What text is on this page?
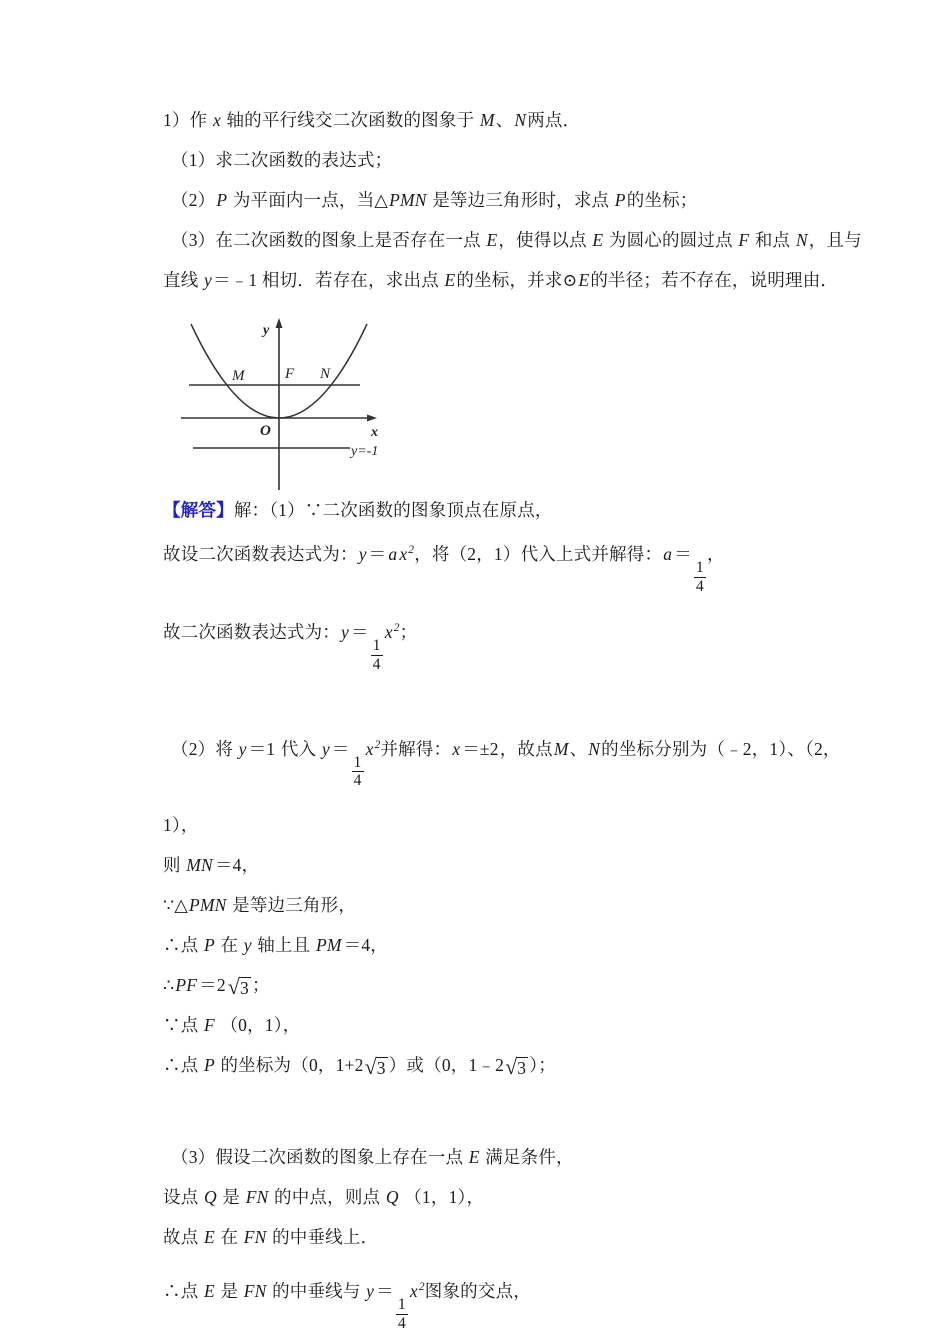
1）作 x 轴的平行线交二次函数的图象于 M、N两点．
（1）求二次函数的表达式；
（2）P 为平面内一点，当△PMN 是等边三角形时，求点 P的坐标；
（3）在二次函数的图象上是否存在一点 E，使得以点 E 为圆心的圆过点 F 和点 N，且与
直线 y＝﹣1 相切．若存在，求出点 E的坐标，并求⊙E的半径；若不存在，说明理由．
【解答】解：（1）∵二次函数的图象顶点在原点，
故设二次函数表达式为：y ＝ a $x^2$，将（2，1）代入上式并解得：a ＝
$\frac{1}{4}$
，
故二次函数表达式为：y ＝
$\frac{1}{4}$
$x^2$；
（2）将 y ＝1 代入 y ＝
$\frac{1}{4}$
$x^2$并解得：x ＝±2，故点M、N的坐标分别为（﹣2，1）、（2，
1），
则 MN ＝4，
∵△PMN 是等边三角形，
∴点 P 在 y 轴上且 PM ＝4，
∴PF ＝2 √ 3 ；
∵点 F （0，1），
∴点 P 的坐标为（0，1+2 √ 3 ）或（0，1﹣2 √ 3 ）；
（3）假设二次函数的图象上存在一点 E 满足条件，
设点 Q 是 FN 的中点，则点 Q （1，1），
故点 E 在 FN 的中垂线上．
∴点 E 是 FN 的中垂线与 y ＝
$\frac{1}{4}$
$x^2$图象的交点，
M	F N
O	x
y
y=-1
